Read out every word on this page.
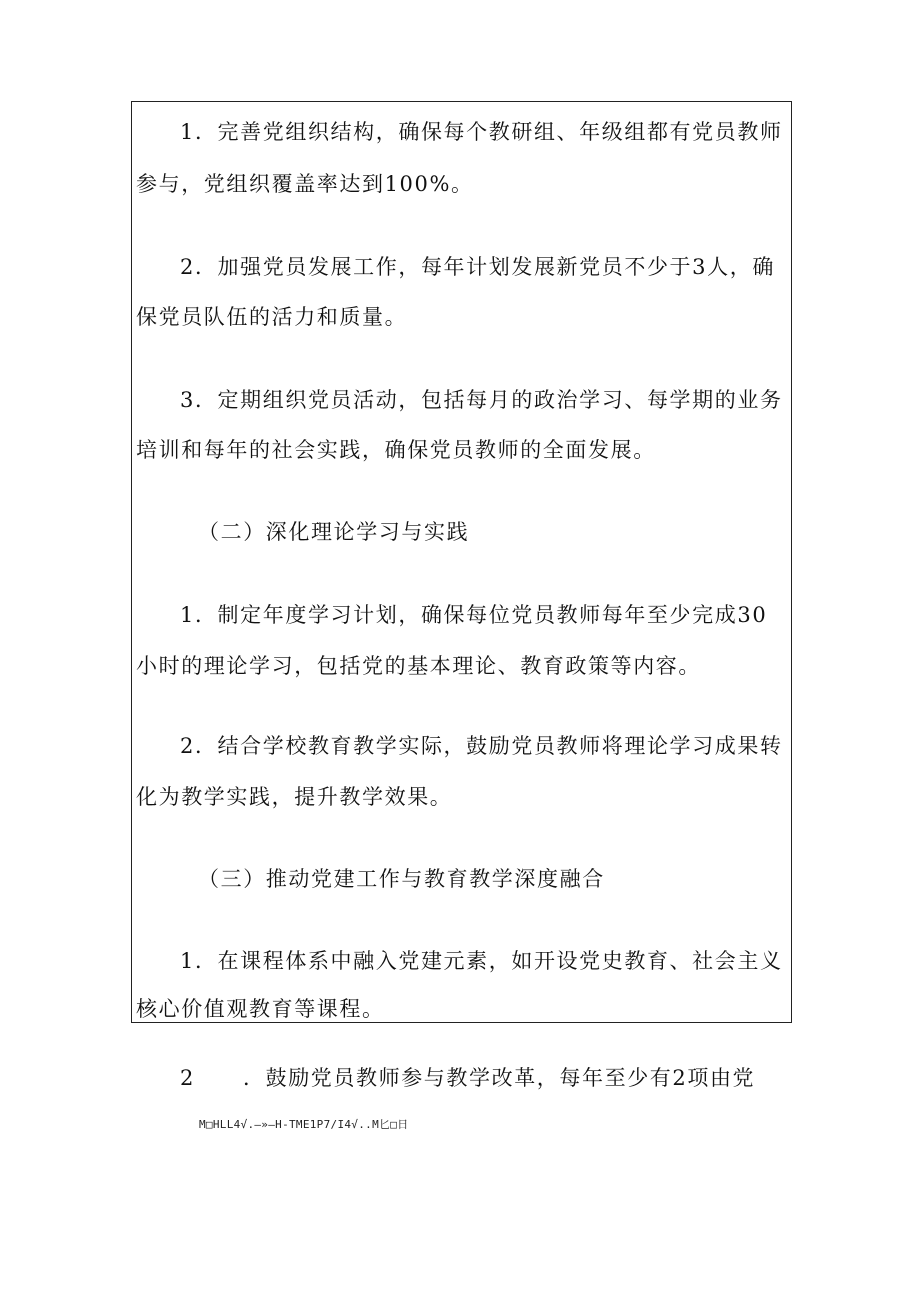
1．完善党组织结构，确保每个教研组、年级组都有党员教师
参与，党组织覆盖率达到100%。
2．加强党员发展工作，每年计划发展新党员不少于3人，确
保党员队伍的活力和质量。
3．定期组织党员活动，包括每月的政治学习、每学期的业务
培训和每年的社会实践，确保党员教师的全面发展。
（二）深化理论学习与实践
1．制定年度学习计划，确保每位党员教师每年至少完成30
小时的理论学习，包括党的基本理论、教育政策等内容。
2．结合学校教育教学实际，鼓励党员教师将理论学习成果转
化为教学实践，提升教学效果。
（三）推动党建工作与教育教学深度融合
1．在课程体系中融入党建元素，如开设党史教育、社会主义
核心价值观教育等课程。
2 ．鼓励党员教师参与教学改革，每年至少有2项由党
M□HLL4√.—»—H-TME1P7/I4√..M匕□日
